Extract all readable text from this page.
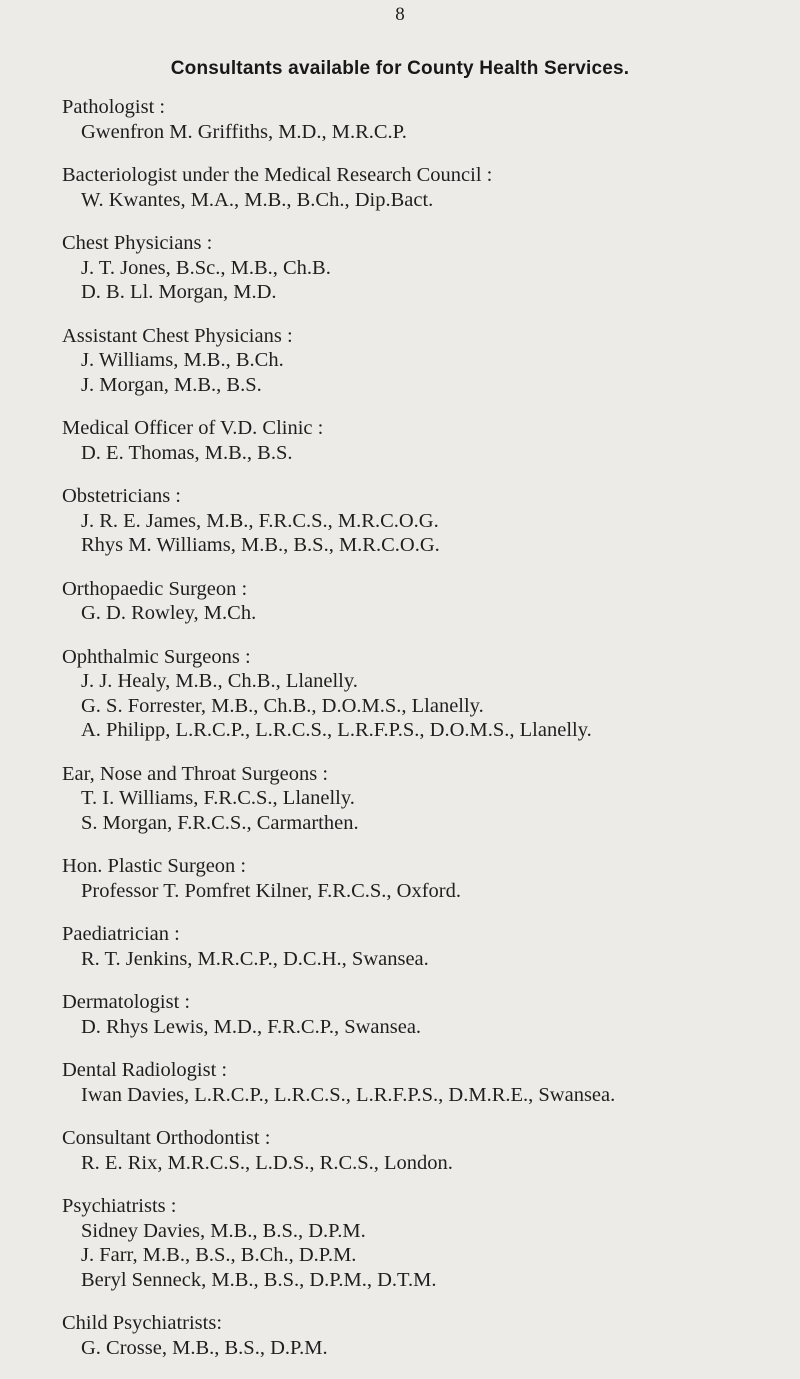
8
Consultants available for County Health Services.
Pathologist :
Gwenfron M. Griffiths, M.D., M.R.C.P.
Bacteriologist under the Medical Research Council :
W. Kwantes, M.A., M.B., B.Ch., Dip.Bact.
Chest Physicians :
J. T. Jones, B.Sc., M.B., Ch.B.
D. B. Ll. Morgan, M.D.
Assistant Chest Physicians :
J. Williams, M.B., B.Ch.
J. Morgan, M.B., B.S.
Medical Officer of V.D. Clinic :
D. E. Thomas, M.B., B.S.
Obstetricians :
J. R. E. James, M.B., F.R.C.S., M.R.C.O.G.
Rhys M. Williams, M.B., B.S., M.R.C.O.G.
Orthopaedic Surgeon :
G. D. Rowley, M.Ch.
Ophthalmic Surgeons :
J. J. Healy, M.B., Ch.B., Llanelly.
G. S. Forrester, M.B., Ch.B., D.O.M.S., Llanelly.
A. Philipp, L.R.C.P., L.R.C.S., L.R.F.P.S., D.O.M.S., Llanelly.
Ear, Nose and Throat Surgeons :
T. I. Williams, F.R.C.S., Llanelly.
S. Morgan, F.R.C.S., Carmarthen.
Hon. Plastic Surgeon :
Professor T. Pomfret Kilner, F.R.C.S., Oxford.
Paediatrician :
R. T. Jenkins, M.R.C.P., D.C.H., Swansea.
Dermatologist :
D. Rhys Lewis, M.D., F.R.C.P., Swansea.
Dental Radiologist :
Iwan Davies, L.R.C.P., L.R.C.S., L.R.F.P.S., D.M.R.E., Swansea.
Consultant Orthodontist :
R. E. Rix, M.R.C.S., L.D.S., R.C.S., London.
Psychiatrists :
Sidney Davies, M.B., B.S., D.P.M.
J. Farr, M.B., B.S., B.Ch., D.P.M.
Beryl Senneck, M.B., B.S., D.P.M., D.T.M.
Child Psychiatrists:
G. Crosse, M.B., B.S., D.P.M.
